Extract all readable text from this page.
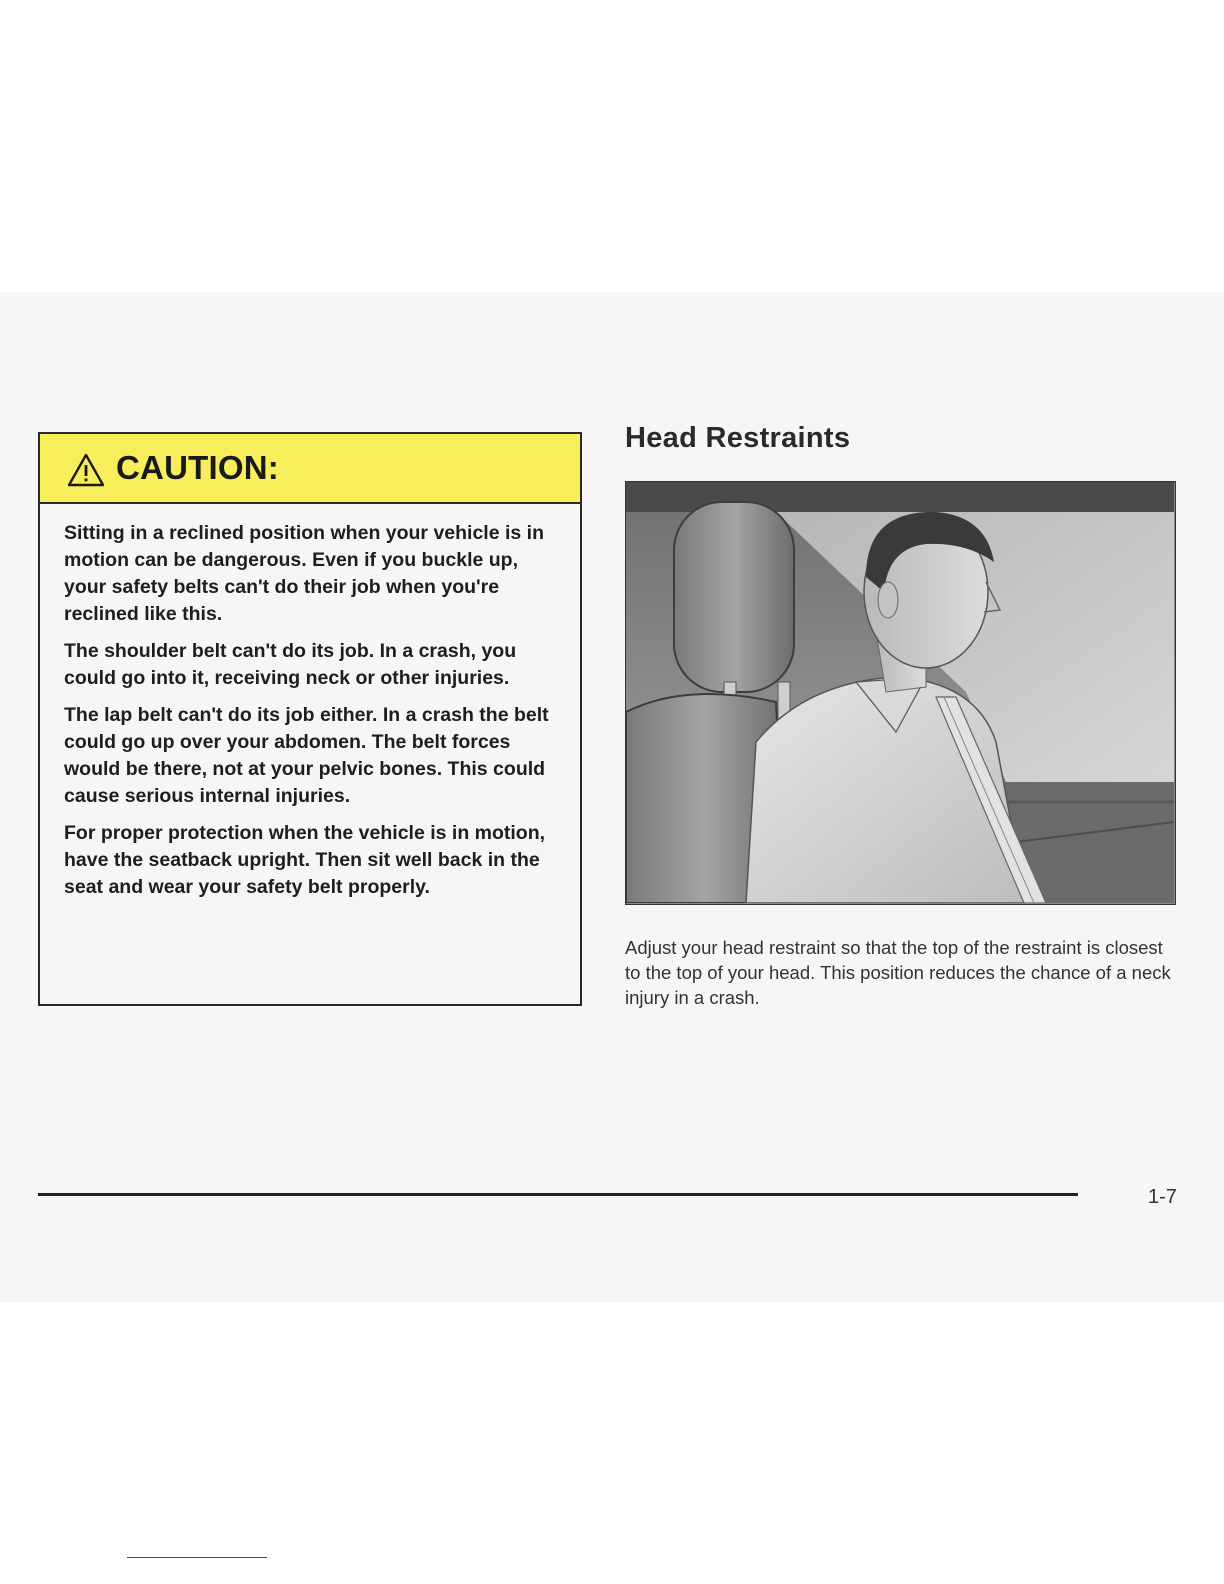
CAUTION:

Sitting in a reclined position when your vehicle is in motion can be dangerous. Even if you buckle up, your safety belts can't do their job when you're reclined like this.

The shoulder belt can't do its job. In a crash, you could go into it, receiving neck or other injuries.

The lap belt can't do its job either. In a crash the belt could go up over your abdomen. The belt forces would be there, not at your pelvic bones. This could cause serious internal injuries.

For proper protection when the vehicle is in motion, have the seatback upright. Then sit well back in the seat and wear your safety belt properly.

Head Restraints

Adjust your head restraint so that the top of the restraint is closest to the top of your head. This position reduces the chance of a neck injury in a crash.

1-7
